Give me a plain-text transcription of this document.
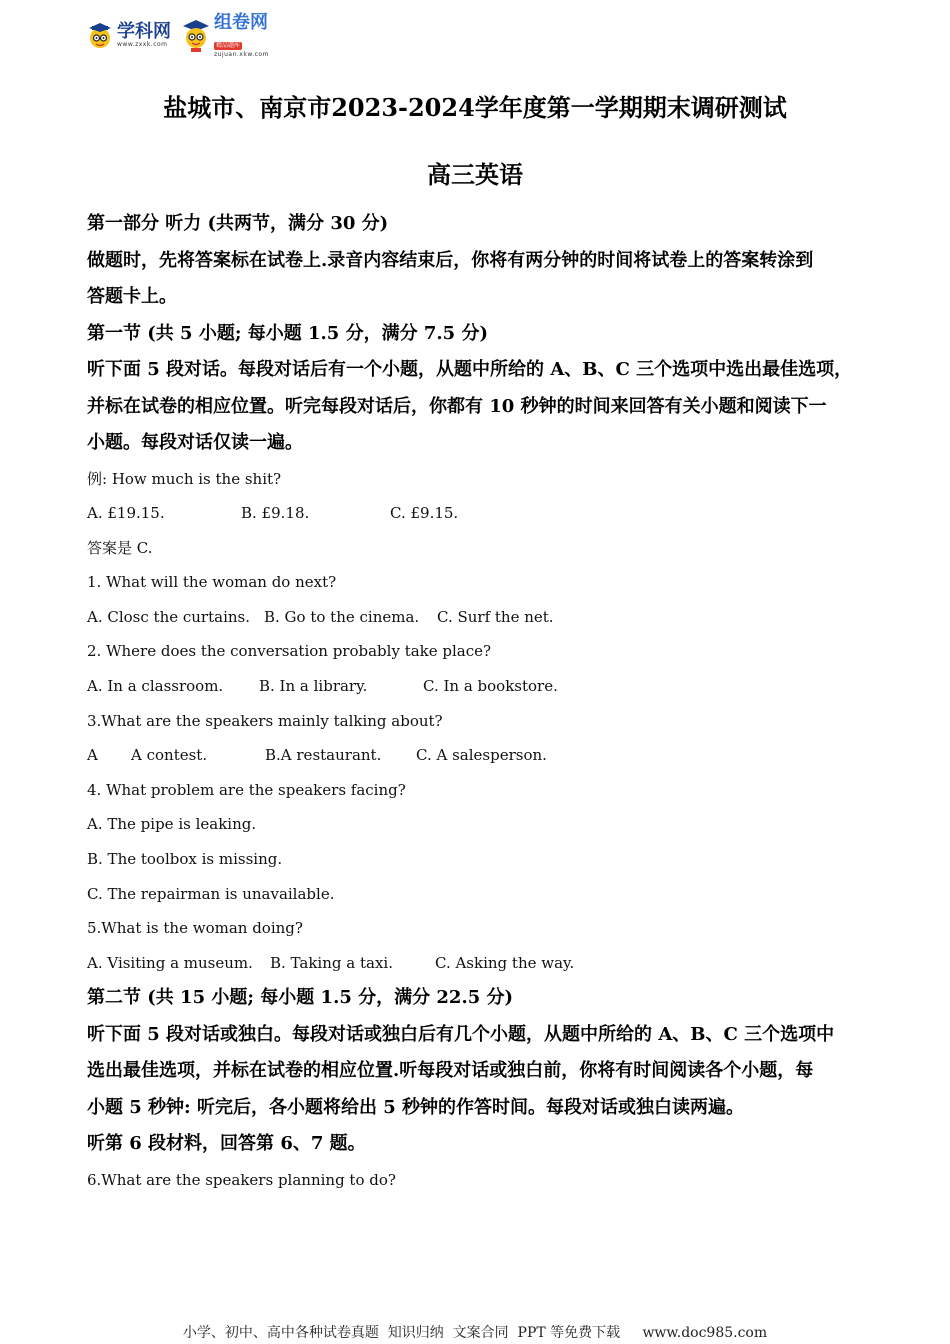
学科网
www.zxxk.com
组卷网
精品题库
zujuan.xkw.com
盐城市、南京市2023-2024学年度第一学期期末调研测试
高三英语
第一部分 听力 (共两节，满分 30 分)
做题时，先将答案标在试卷上.录音内容结束后，你将有两分钟的时间将试卷上的答案转涂到
答题卡上。
第一节 (共 5 小题; 每小题 1.5 分，满分 7.5 分)
听下面 5 段对话。每段对话后有一个小题，从题中所给的 A、B、C 三个选项中选出最佳选项，
并标在试卷的相应位置。听完每段对话后，你都有 10 秒钟的时间来回答有关小题和阅读下一
小题。每段对话仅读一遍。
例: How much is the shit?
A. £19.15.	B. £9.18.	C. £9.15.
答案是 C.
1. What will the woman do next?
A. Closc the curtains. B. Go to the cinema.	C. Surf the net.
2. Where does the conversation probably take place?
A. In a classroom.	B. In a library.	C. In a bookstore.
3.What are the speakers mainly talking about?
A	A contest.	B.A restaurant.	C. A salesperson.
4. What problem are the speakers facing?
A. The pipe is leaking.
B. The toolbox is missing.
C. The repairman is unavailable.
5.What is the woman doing?
A. Visiting a museum.	B. Taking a taxi.	C. Asking the way.
第二节 (共 15 小题; 每小题 1.5 分，满分 22.5 分)
听下面 5 段对话或独白。每段对话或独白后有几个小题，从题中所给的 A、B、C 三个选项中
选出最佳选项，并标在试卷的相应位置.听每段对话或独白前，你将有时间阅读各个小题，每
小题 5 秒钟: 听完后，各小题将给出 5 秒钟的作答时间。每段对话或独白读两遍。
听第 6 段材料，回答第 6、7 题。
6.What are the speakers planning to do?
小学、初中、高中各种试卷真题  知识归纳  文案合同  PPT 等免费下载 www.doc985.com
